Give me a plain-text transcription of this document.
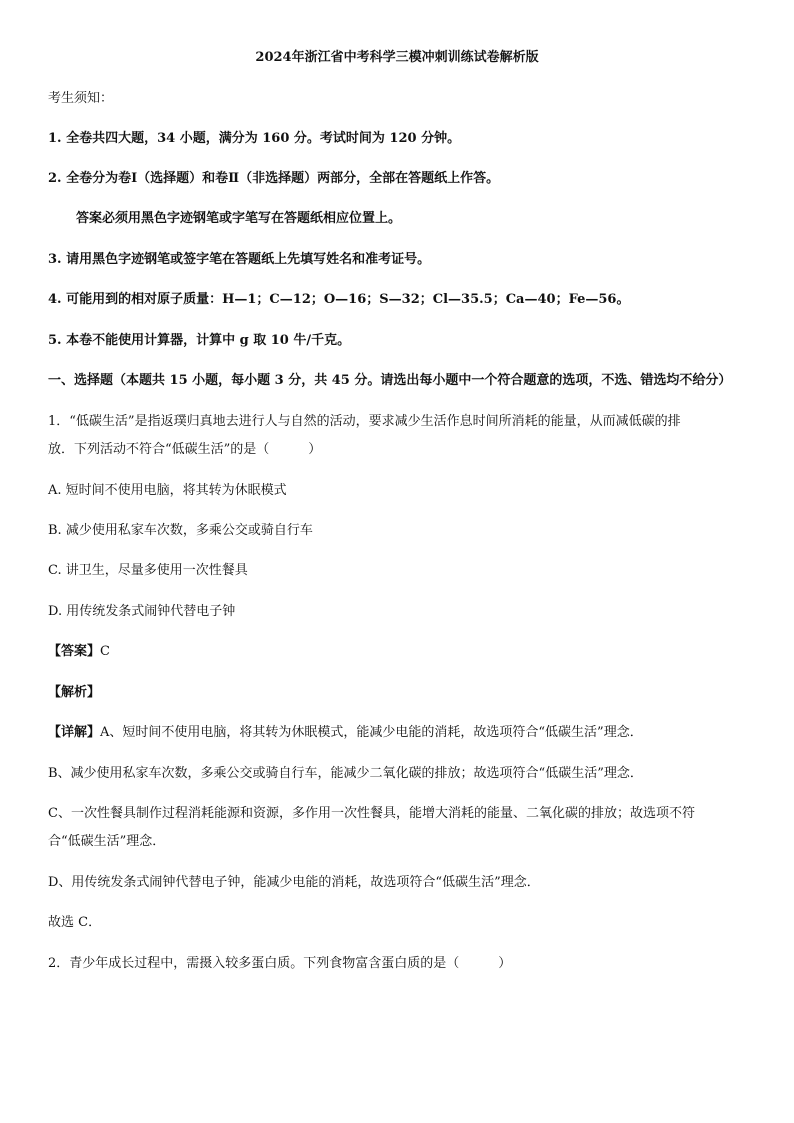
2024年浙江省中考科学三模冲刺训练试卷解析版
考生须知：
1. 全卷共四大题，34 小题，满分为 160 分。考试时间为 120 分钟。
2. 全卷分为卷Ⅰ（选择题）和卷Ⅱ（非选择题）两部分，全部在答题纸上作答。
答案必须用黑色字迹钢笔或字笔写在答题纸相应位置上。
3. 请用黑色字迹钢笔或签字笔在答题纸上先填写姓名和准考证号。
4. 可能用到的相对原子质量：H—1；C—12；O—16；S—32；Cl—35.5；Ca—40；Fe—56。
5. 本卷不能使用计算器，计算中 g 取 10 牛/千克。
一、选择题（本题共 15 小题，每小题 3 分，共 45 分。请选出每小题中一个符合题意的选项，不选、错选均不给分）
1．“低碳生活”是指返璞归真地去进行人与自然的活动，要求减少生活作息时间所消耗的能量，从而减低碳的排
放．下列活动不符合“低碳生活”的是（　　　）
A. 短时间不使用电脑，将其转为休眠模式
B. 减少使用私家车次数，多乘公交或骑自行车
C. 讲卫生，尽量多使用一次性餐具
D. 用传统发条式闹钟代替电子钟
【答案】C
【解析】
【详解】A、短时间不使用电脑，将其转为休眠模式，能减少电能的消耗，故选项符合“低碳生活”理念．
B、减少使用私家车次数，多乘公交或骑自行车，能减少二氧化碳的排放；故选项符合“低碳生活”理念．
C、一次性餐具制作过程消耗能源和资源，多作用一次性餐具，能增大消耗的能量、二氧化碳的排放；故选项不符
合“低碳生活”理念．
D、用传统发条式闹钟代替电子钟，能减少电能的消耗，故选项符合“低碳生活”理念．
故选 C．
2．青少年成长过程中，需摄入较多蛋白质。下列食物富含蛋白质的是（　　　）
